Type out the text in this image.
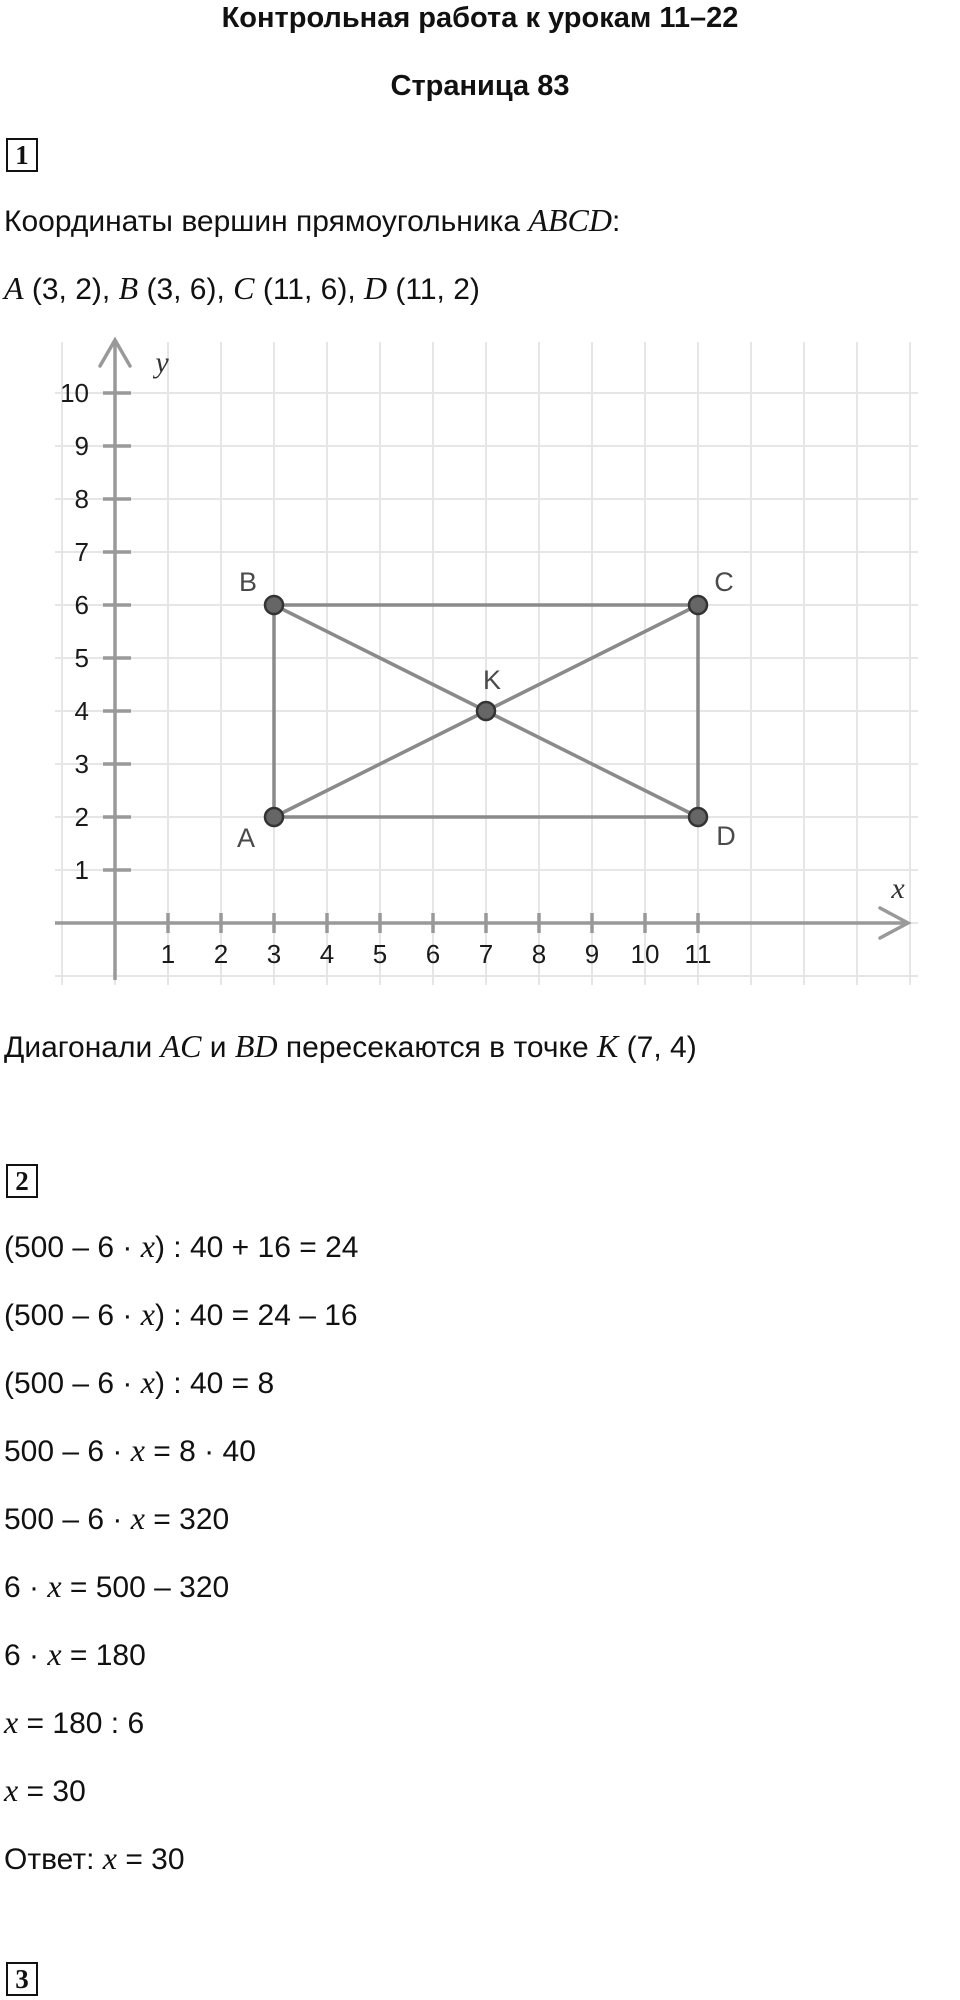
Контрольная работа к урокам 11–22
Страница 83
1
Координаты вершин прямоугольника ABCD:
A (3, 2), B (3, 6), C (11, 6), D (11, 2)
1 2 3 4 5 6 7 8 9 10 11
1
2
3
4
5
6
7
8
9
10
x
y
A
B	C
D
K
Диагонали AC и BD пересекаются в точке K (7, 4)
2
(500 – 6 · x) : 40 + 16 = 24
(500 – 6 · x) : 40 = 24 – 16
(500 – 6 · x) : 40 = 8
500 – 6 · x = 8 · 40
500 – 6 · x = 320
6 · x = 500 – 320
6 · x = 180
x = 180 : 6
x = 30
Ответ: x = 30
3
